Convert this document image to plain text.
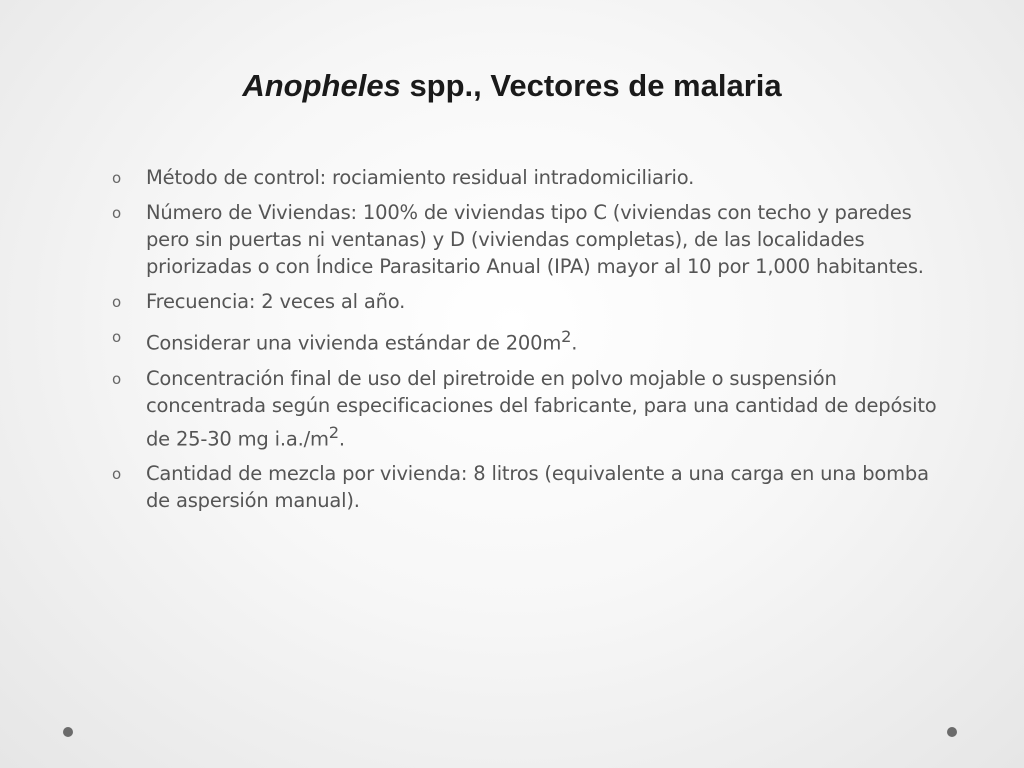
Anopheles spp., Vectores de malaria
o Método de control: rociamiento residual intradomiciliario.
o Número de Viviendas: 100% de viviendas tipo C (viviendas con techo y paredes pero sin puertas ni ventanas) y D (viviendas completas), de las localidades priorizadas o con Índice Parasitario Anual (IPA) mayor al 10 por 1,000 habitantes.
o Frecuencia: 2 veces al año.
o Considerar una vivienda estándar de $200m^2$.
o Concentración final de uso del piretroide en polvo mojable o suspensión concentrada según especificaciones del fabricante, para una cantidad de depósito de 25-30 mg $i.a./m^2$.
o Cantidad de mezcla por vivienda: 8 litros (equivalente a una carga en una bomba de aspersión manual).
